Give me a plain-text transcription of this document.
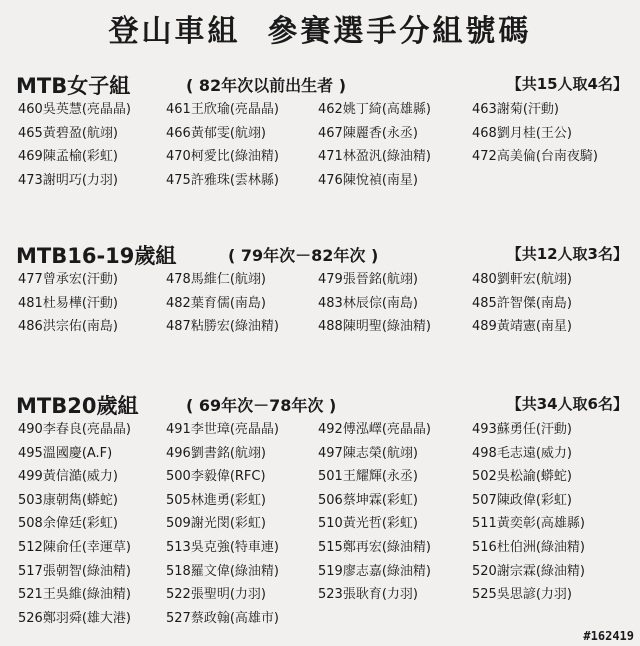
登山車組  參賽選手分組號碼
MTB女子組	( 82年次以前出生者 )	【共15人取4名】
460吳英慧(亮晶晶)	461王欣瑜(亮晶晶)	462姚丁綺(高雄縣)	463謝菊(汗動)
465黃碧盈(航翊)	466黃郁雯(航翊)	467陳麗香(永丞)	468劉月桂(王公)
469陳孟榆(彩虹)	470柯愛比(綠油精)	471林盈汎(綠油精)	472高美倫(台南夜騎)
473謝明巧(力羽)	475許雅珠(雲林縣)	476陳悅禎(南星)
MTB16-19歲組	( 79年次－82年次 )	【共12人取3名】
477曾承宏(汗動)	478馬維仁(航翊)	479張晉銘(航翊)	480劉軒宏(航翊)
481杜易樺(汗動)	482葉育儒(南島)	483林辰倧(南島)	485許智傑(南島)
486洪宗佑(南島)	487粘勝宏(綠油精)	488陳明聖(綠油精)	489黃靖憲(南星)
MTB20歲組	( 69年次－78年次 )	【共34人取6名】
490李春良(亮晶晶)	491李世璋(亮晶晶)	492傅泓嶧(亮晶晶)	493蘇勇任(汗動)
495溫國慶(A.F)	496劉書銘(航翊)	497陳志榮(航翊)	498毛志遠(威力)
499黃信澔(威力)	500李毅偉(RFC)	501王耀輝(永丞)	502吳松諭(蟒蛇)
503康朝雋(蟒蛇)	505林進勇(彩虹)	506蔡坤霖(彩虹)	507陳政偉(彩虹)
508余偉廷(彩虹)	509謝光閔(彩虹)	510黃光哲(彩虹)	511黃奕彰(高雄縣)
512陳俞任(幸運草)	513吳克強(特車連)	515鄭再宏(綠油精)	516杜伯洲(綠油精)
517張朝智(綠油精)	518羅文偉(綠油精)	519廖志嘉(綠油精)	520謝宗霖(綠油精)
521王吳維(綠油精)	522張聖明(力羽)	523張耿育(力羽)	525吳思諺(力羽)
526鄭羽舜(雄大港)	527蔡政翰(高雄市)
#162419
